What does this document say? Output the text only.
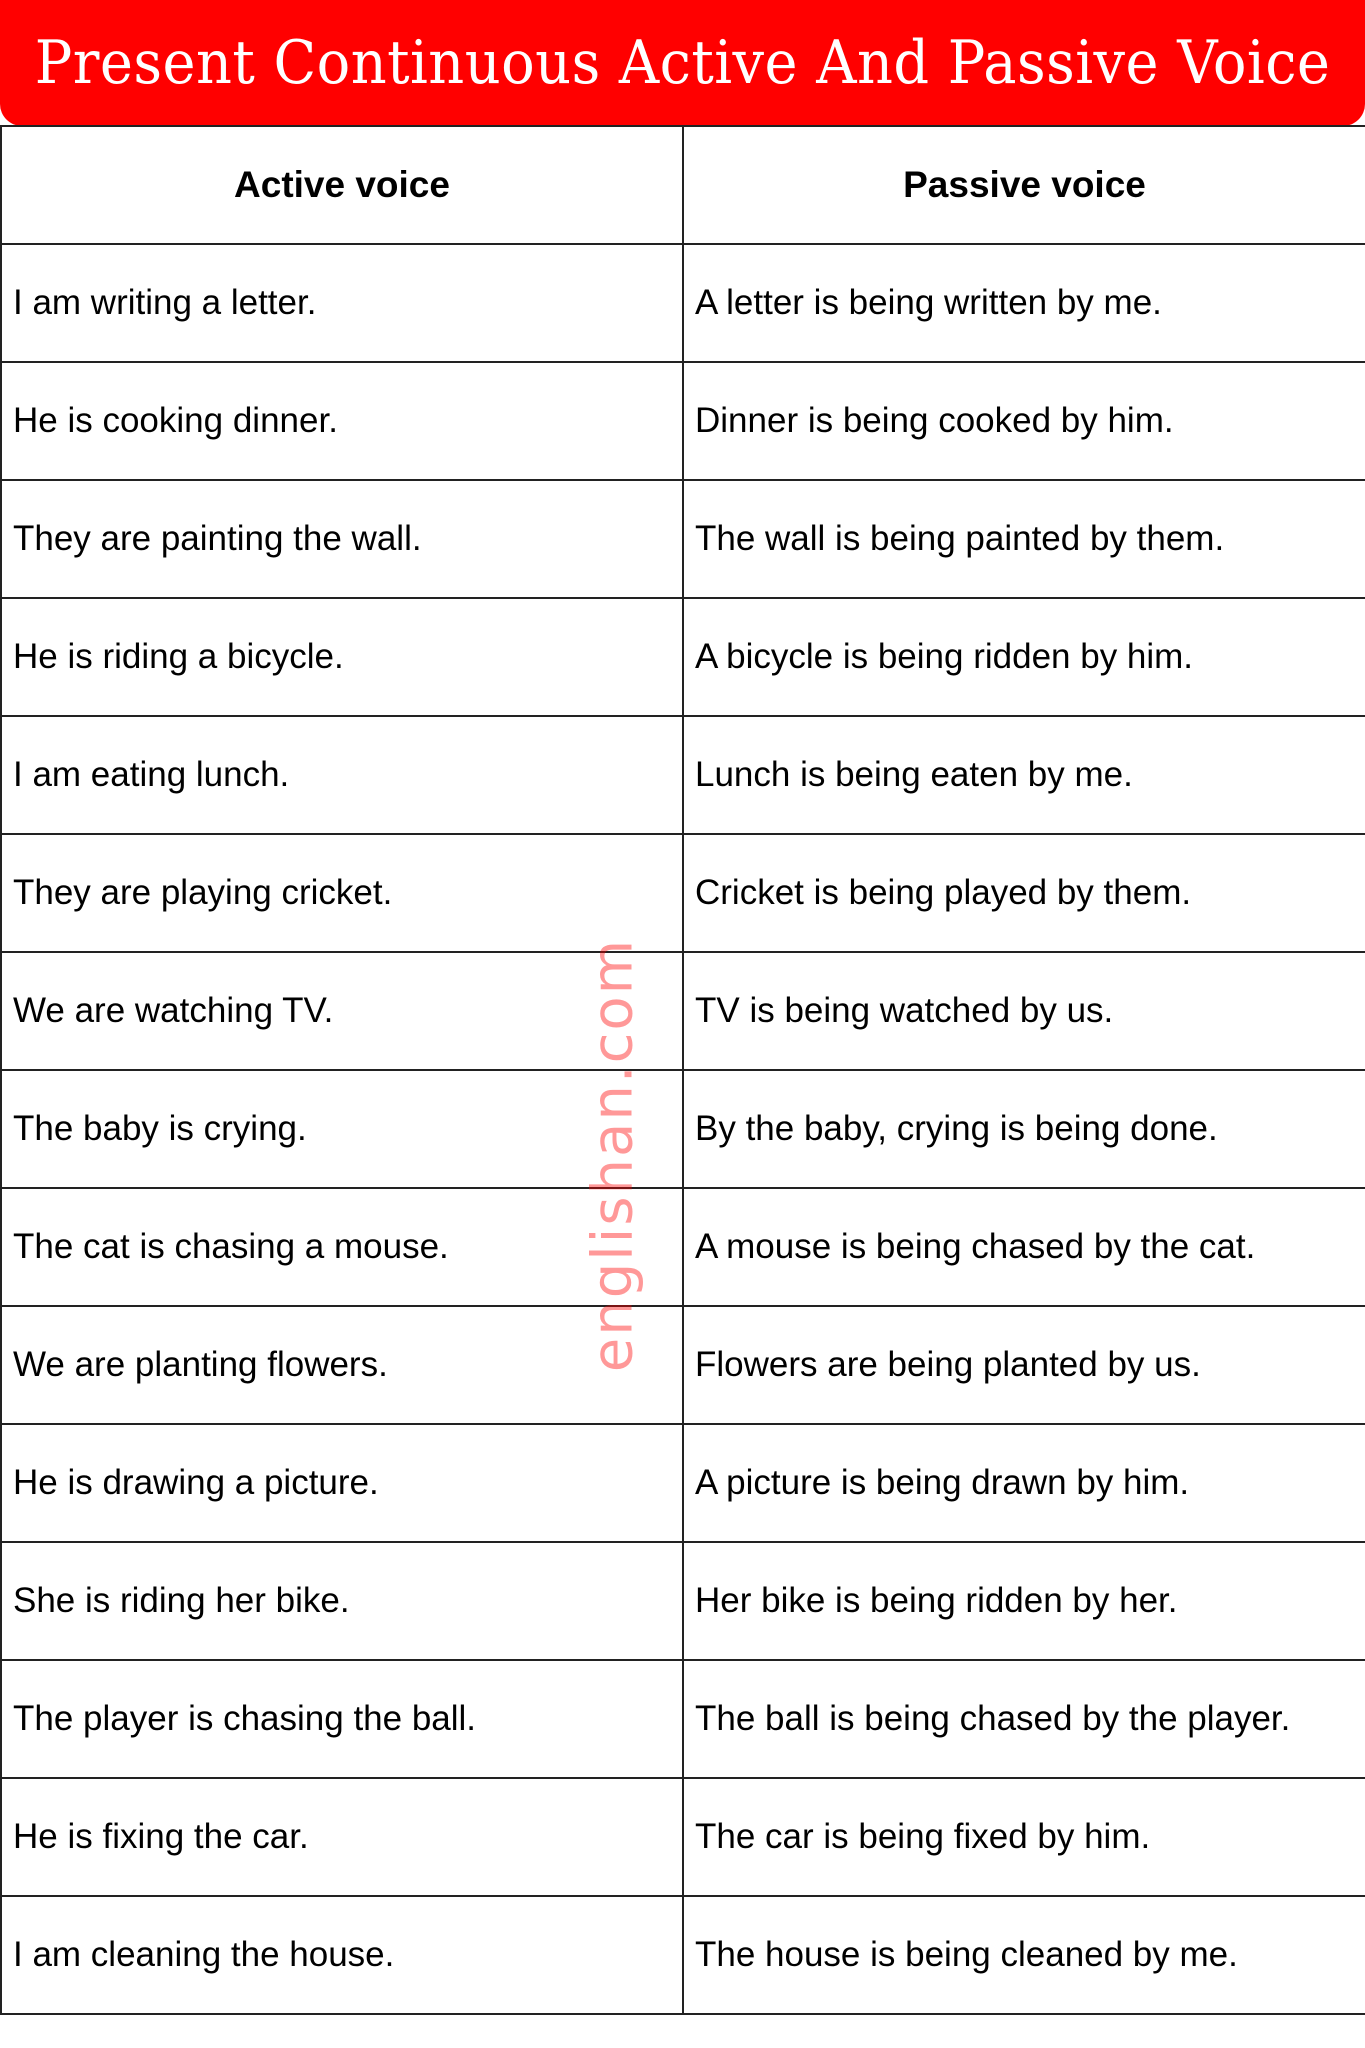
Present Continuous Active And Passive Voice
Active voice	Passive voice
I am writing a letter.	A letter is being written by me.
He is cooking dinner.	Dinner is being cooked by him.
They are painting the wall.	The wall is being painted by them.
He is riding a bicycle.	A bicycle is being ridden by him.
I am eating lunch.	Lunch is being eaten by me.
They are playing cricket.	Cricket is being played by them.
We are watching TV.	TV is being watched by us.
The baby is crying.	By the baby, crying is being done.
The cat is chasing a mouse.	A mouse is being chased by the cat.
We are planting flowers.	Flowers are being planted by us.
He is drawing a picture.	A picture is being drawn by him.
She is riding her bike.	Her bike is being ridden by her.
The player is chasing the ball.	The ball is being chased by the player.
He is fixing the car.	The car is being fixed by him.
I am cleaning the house.	The house is being cleaned by me.
englishan.com
